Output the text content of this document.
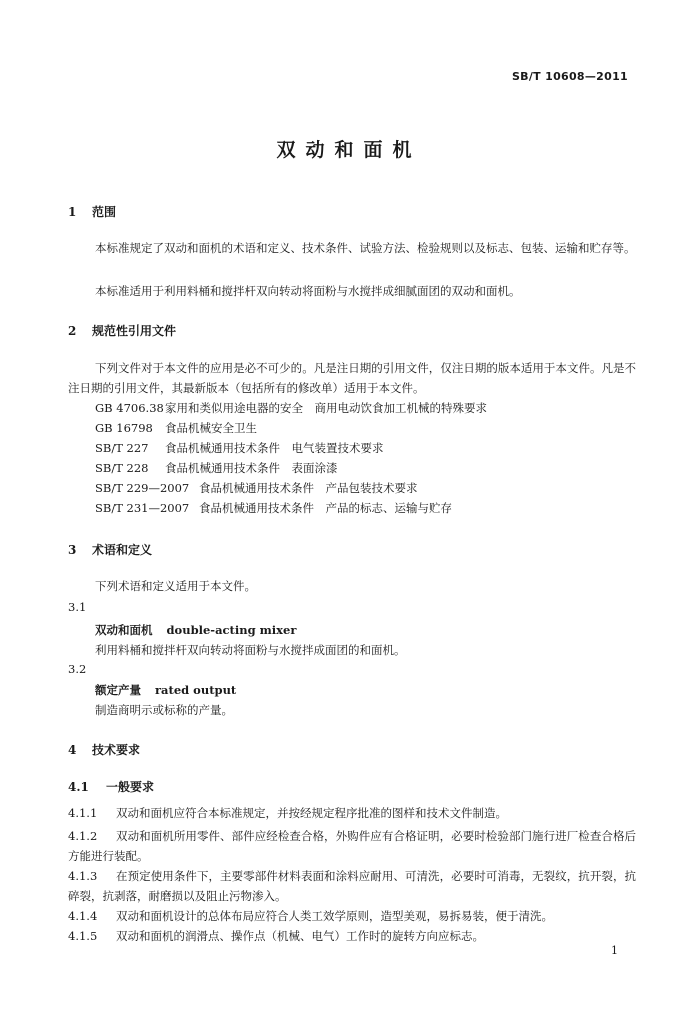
SB/T 10608—2011
双动和面机
1 范围
本标准规定了双动和面机的术语和定义、技术条件、试验方法、检验规则以及标志、包装、运输和贮存等。
本标准适用于利用料桶和搅拌杆双向转动将面粉与水搅拌成细腻面团的双动和面机。
2 规范性引用文件
下列文件对于本文件的应用是必不可少的。凡是注日期的引用文件，仅注日期的版本适用于本文件。凡是不注日期的引用文件，其最新版本（包括所有的修改单）适用于本文件。
GB 4706.38家用和类似用途电器的安全　商用电动饮食加工机械的特殊要求
GB 16798 食品机械安全卫生
SB/T 227 食品机械通用技术条件　电气装置技术要求
SB/T 228 食品机械通用技术条件　表面涂漆
SB/T 229—2007 食品机械通用技术条件　产品包装技术要求
SB/T 231—2007 食品机械通用技术条件　产品的标志、运输与贮存
3 术语和定义
下列术语和定义适用于本文件。
3.1
双动和面机 double-acting mixer
利用料桶和搅拌杆双向转动将面粉与水搅拌成面团的和面机。
3.2
额定产量 rated output
制造商明示或标称的产量。
4 技术要求
4.1 一般要求
4.1.1 双动和面机应符合本标准规定，并按经规定程序批准的图样和技术文件制造。
4.1.2 双动和面机所用零件、部件应经检查合格，外购件应有合格证明，必要时检验部门施行进厂检查合格后方能进行装配。
4.1.3 在预定使用条件下，主要零部件材料表面和涂料应耐用、可清洗，必要时可消毒，无裂纹，抗开裂，抗碎裂，抗剥落，耐磨损以及阻止污物渗入。
4.1.4 双动和面机设计的总体布局应符合人类工效学原则，造型美观，易拆易装，便于清洗。
4.1.5 双动和面机的润滑点、操作点（机械、电气）工作时的旋转方向应标志。
1
